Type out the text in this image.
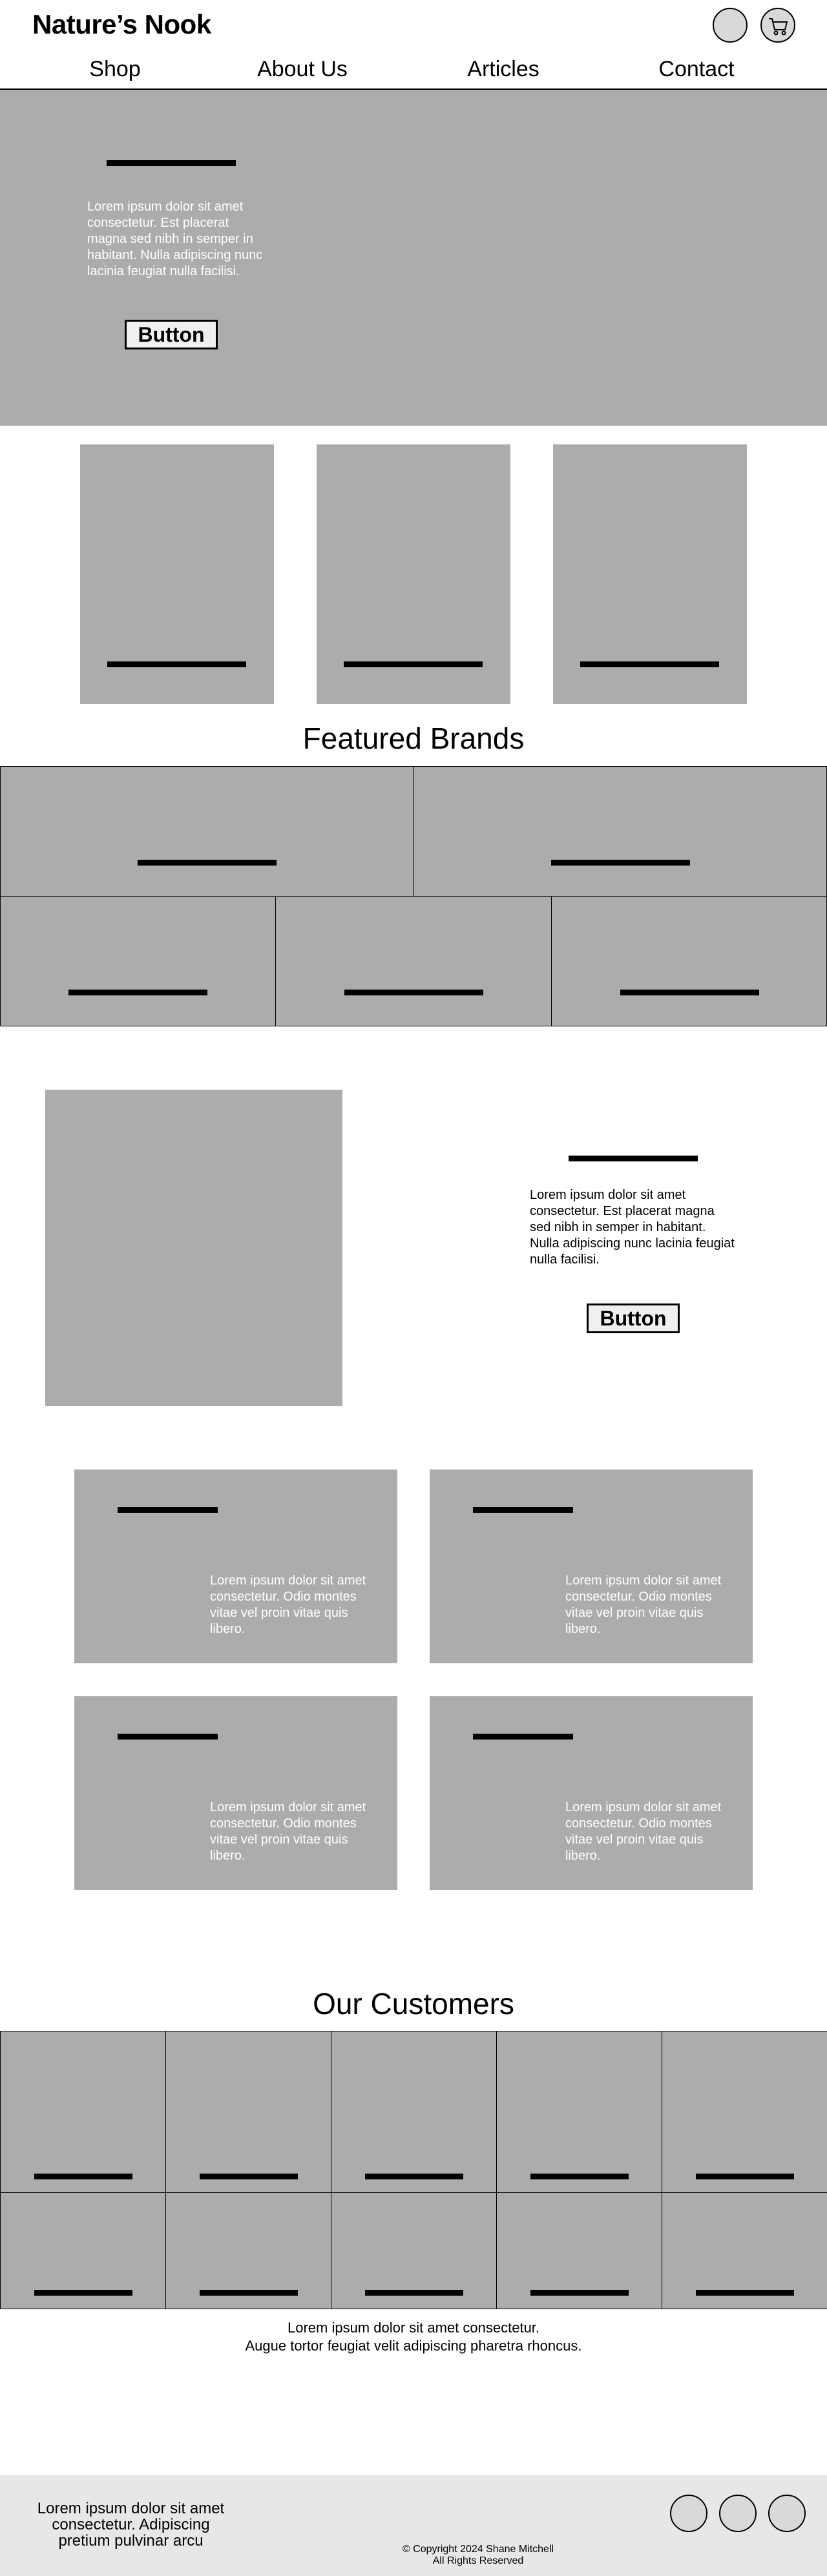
Nature’s Nook
Shop	About Us	Articles	Contact
Lorem ipsum dolor sit amet consectetur. Est placerat magna sed nibh in semper in habitant. Nulla adipiscing nunc lacinia feugiat nulla facilisi.
Button
Featured Brands
Lorem ipsum dolor sit amet consectetur. Est placerat magna sed nibh in semper in habitant. Nulla adipiscing nunc lacinia feugiat nulla facilisi.
Button
Lorem ipsum dolor sit amet consectetur. Odio montes vitae vel proin vitae quis libero.
Lorem ipsum dolor sit amet consectetur. Odio montes vitae vel proin vitae quis libero.
Lorem ipsum dolor sit amet consectetur. Odio montes vitae vel proin vitae quis libero.
Lorem ipsum dolor sit amet consectetur. Odio montes vitae vel proin vitae quis libero.
Our Customers
Lorem ipsum dolor sit amet consectetur.
Augue tortor feugiat velit adipiscing pharetra rhoncus.
Lorem ipsum dolor sit amet consectetur. Adipiscing pretium pulvinar arcu	© Copyright 2024 Shane Mitchell
All Rights Reserved
